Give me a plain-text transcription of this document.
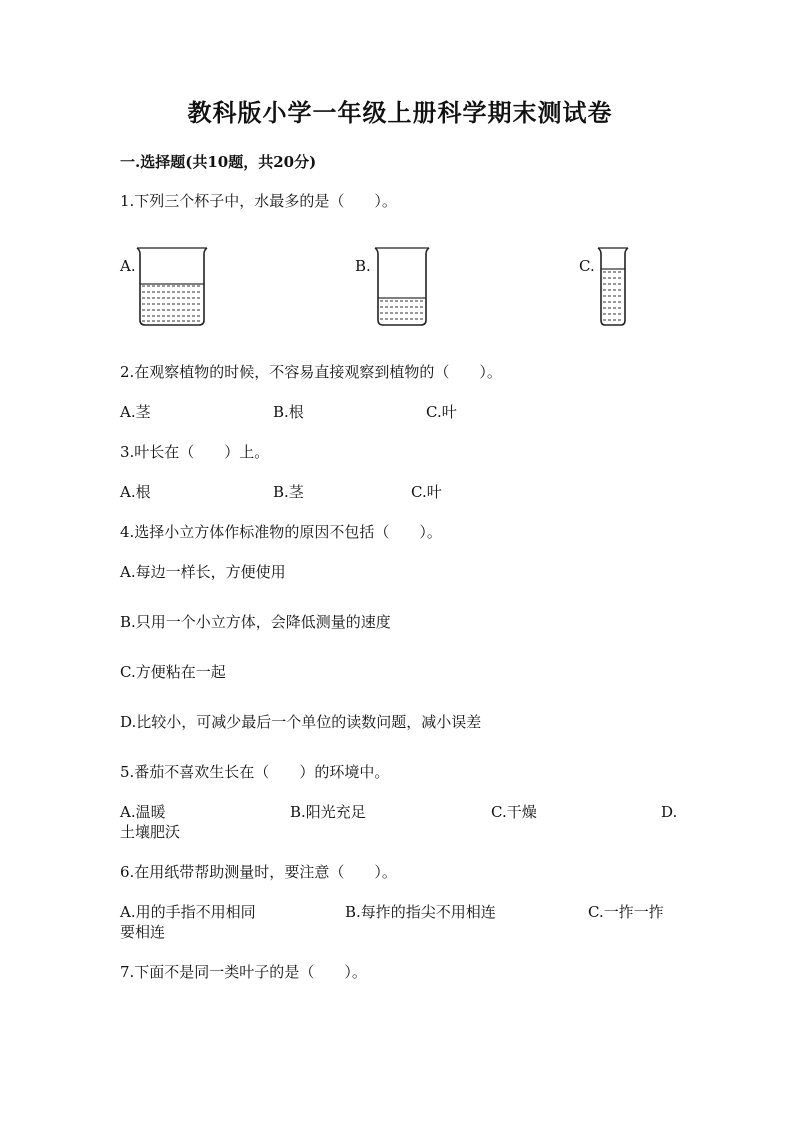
教科版小学一年级上册科学期末测试卷
一.选择题(共10题，共20分)
1.下列三个杯子中，水最多的是（　　）。
A.	B.	C.
2.在观察植物的时候，不容易直接观察到植物的（　　）。
A.茎	B.根	C.叶
3.叶长在（　　）上。
A.根	B.茎	C.叶
4.选择小立方体作标准物的原因不包括（　　）。
A.每边一样长，方便使用
B.只用一个小立方体，会降低测量的速度
C.方便粘在一起
D.比较小，可减少最后一个单位的读数问题，减小误差
5.番茄不喜欢生长在（　　）的环境中。
A.温暖	B.阳光充足	C.干燥	D.
土壤肥沃
6.在用纸带帮助测量时，要注意（　　）。
A.用的手指不用相同	B.每拃的指尖不用相连	C.一拃一拃
要相连
7.下面不是同一类叶子的是（　　）。
